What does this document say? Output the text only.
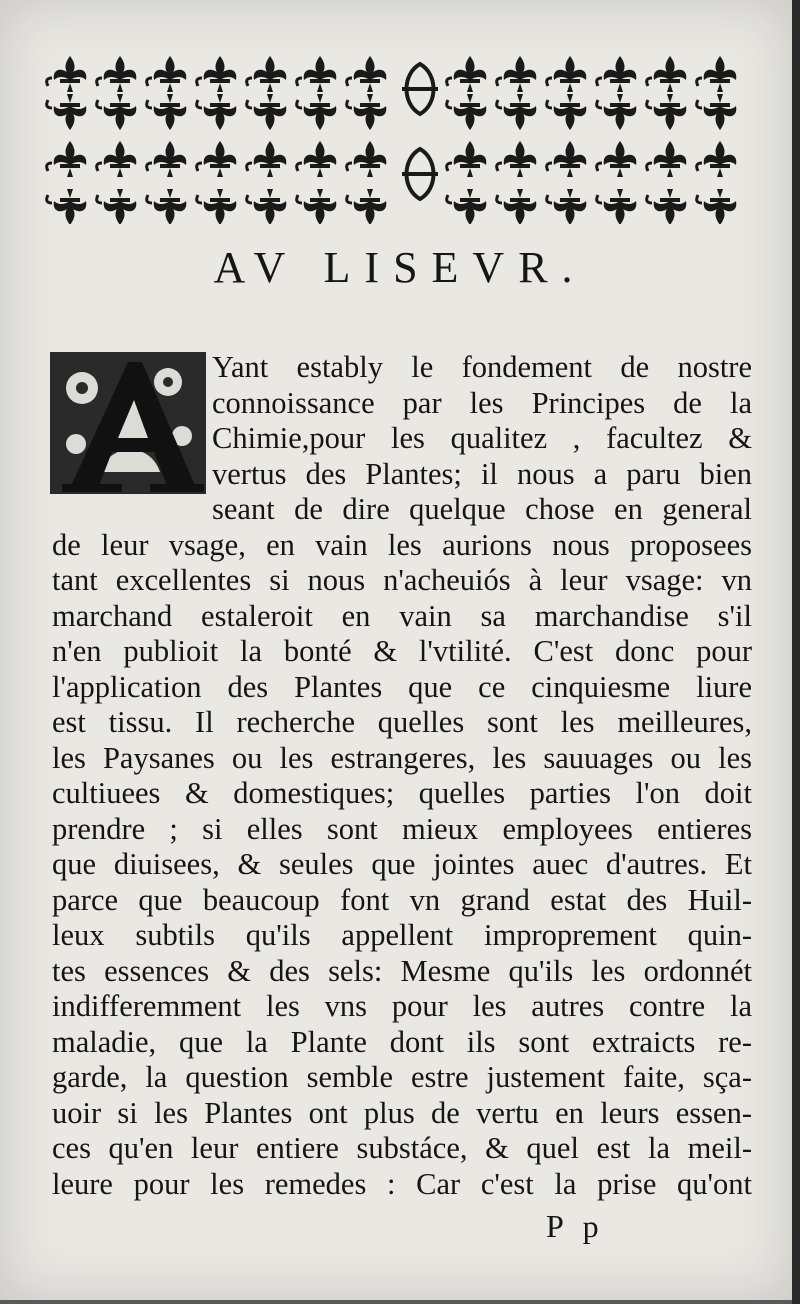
AV LISEVR.
Yant estably le fondement de nostre
connoissance par les Principes de la
Chimie,pour les qualitez , facultez &
vertus des Plantes; il nous a paru bien
seant de dire quelque chose en general
de leur vsage, en vain les aurions nous proposees
tant excellentes si nous n'acheuiós à leur vsage: vn
marchand estaleroit en vain sa marchandise s'il
n'en publioit la bonté & l'vtilité. C'est donc pour
l'application des Plantes que ce cinquiesme liure
est tissu. Il recherche quelles sont les meilleures,
les Paysanes ou les estrangeres, les sauuages ou les
cultiuees & domestiques; quelles parties l'on doit
prendre ; si elles sont mieux employees entieres
que diuisees, & seules que jointes auec d'autres. Et
parce que beaucoup font vn grand estat des Huil-
leux subtils qu'ils appellent improprement quin-
tes essences & des sels: Mesme qu'ils les ordonnét
indifferemment les vns pour les autres contre la
maladie, que la Plante dont ils sont extraicts re-
garde, la question semble estre justement faite, sça-
uoir si les Plantes ont plus de vertu en leurs essen-
ces qu'en leur entiere substáce, & quel est la meil-
leure pour les remedes : Car c'est la prise qu'ont
P p
